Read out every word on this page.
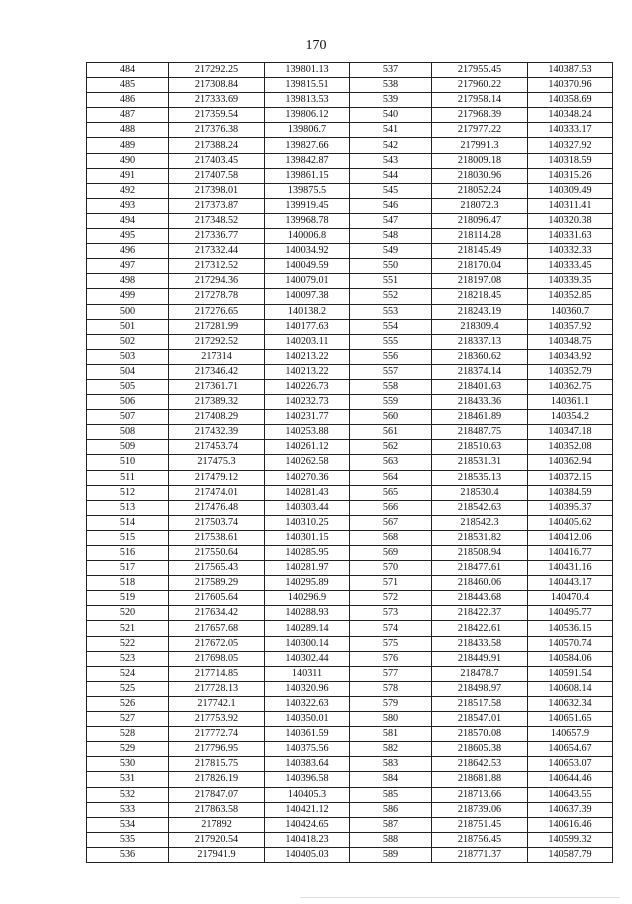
170
484	217292.25	139801.13	537	217955.45	140387.53
485	217308.84	139815.51	538	217960.22	140370.96
486	217333.69	139813.53	539	217958.14	140358.69
487	217359.54	139806.12	540	217968.39	140348.24
488	217376.38	139806.7	541	217977.22	140333.17
489	217388.24	139827.66	542	217991.3	140327.92
490	217403.45	139842.87	543	218009.18	140318.59
491	217407.58	139861.15	544	218030.96	140315.26
492	217398.01	139875.5	545	218052.24	140309.49
493	217373.87	139919.45	546	218072.3	140311.41
494	217348.52	139968.78	547	218096.47	140320.38
495	217336.77	140006.8	548	218114.28	140331.63
496	217332.44	140034.92	549	218145.49	140332.33
497	217312.52	140049.59	550	218170.04	140333.45
498	217294.36	140079.01	551	218197.08	140339.35
499	217278.78	140097.38	552	218218.45	140352.85
500	217276.65	140138.2	553	218243.19	140360.7
501	217281.99	140177.63	554	218309.4	140357.92
502	217292.52	140203.11	555	218337.13	140348.75
503	217314	140213.22	556	218360.62	140343.92
504	217346.42	140213.22	557	218374.14	140352.79
505	217361.71	140226.73	558	218401.63	140362.75
506	217389.32	140232.73	559	218433.36	140361.1
507	217408.29	140231.77	560	218461.89	140354.2
508	217432.39	140253.88	561	218487.75	140347.18
509	217453.74	140261.12	562	218510.63	140352.08
510	217475.3	140262.58	563	218531.31	140362.94
511	217479.12	140270.36	564	218535.13	140372.15
512	217474.01	140281.43	565	218530.4	140384.59
513	217476.48	140303.44	566	218542.63	140395.37
514	217503.74	140310.25	567	218542.3	140405.62
515	217538.61	140301.15	568	218531.82	140412.06
516	217550.64	140285.95	569	218508.94	140416.77
517	217565.43	140281.97	570	218477.61	140431.16
518	217589.29	140295.89	571	218460.06	140443.17
519	217605.64	140296.9	572	218443.68	140470.4
520	217634.42	140288.93	573	218422.37	140495.77
521	217657.68	140289.14	574	218422.61	140536.15
522	217672.05	140300.14	575	218433.58	140570.74
523	217698.05	140302.44	576	218449.91	140584.06
524	217714.85	140311	577	218478.7	140591.54
525	217728.13	140320.96	578	218498.97	140608.14
526	217742.1	140322.63	579	218517.58	140632.34
527	217753.92	140350.01	580	218547.01	140651.65
528	217772.74	140361.59	581	218570.08	140657.9
529	217796.95	140375.56	582	218605.38	140654.67
530	217815.75	140383.64	583	218642.53	140653.07
531	217826.19	140396.58	584	218681.88	140644.46
532	217847.07	140405.3	585	218713.66	140643.55
533	217863.58	140421.12	586	218739.06	140637.39
534	217892	140424.65	587	218751.45	140616.46
535	217920.54	140418.23	588	218756.45	140599.32
536	217941.9	140405.03	589	218771.37	140587.79
